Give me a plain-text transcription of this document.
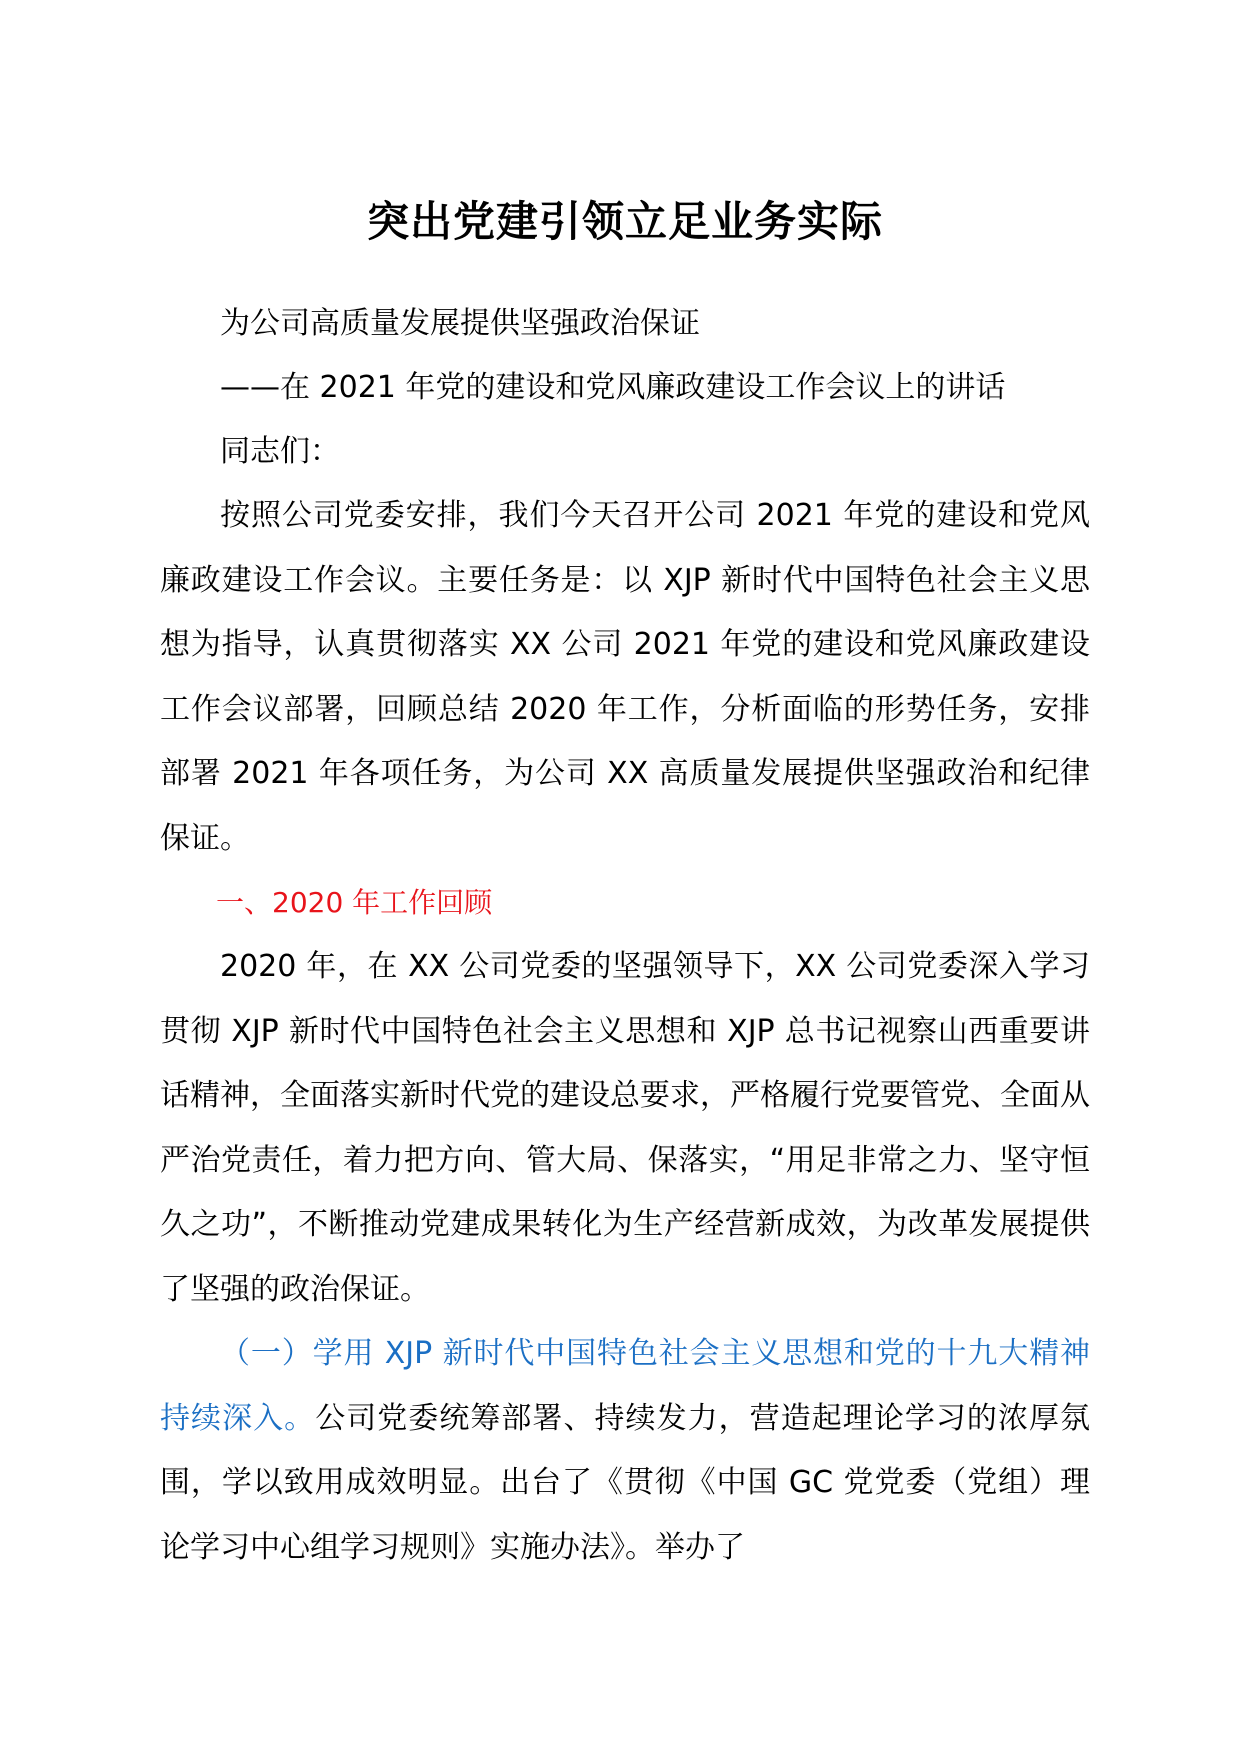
突出党建引领立足业务实际

为公司高质量发展提供坚强政治保证

——在 2021 年党的建设和党风廉政建设工作会议上的讲话

同志们：

按照公司党委安排，我们今天召开公司 2021 年党的建设和党风廉政建设工作会议。主要任务是：以 XJP 新时代中国特色社会主义思想为指导，认真贯彻落实 XX 公司 2021 年党的建设和党风廉政建设工作会议部署，回顾总结 2020 年工作，分析面临的形势任务，安排部署 2021 年各项任务，为公司 XX 高质量发展提供坚强政治和纪律保证。

一、2020 年工作回顾

2020 年，在 XX 公司党委的坚强领导下，XX 公司党委深入学习贯彻 XJP 新时代中国特色社会主义思想和 XJP 总书记视察山西重要讲话精神，全面落实新时代党的建设总要求，严格履行党要管党、全面从严治党责任，着力把方向、管大局、保落实，“用足非常之力、坚守恒久之功”，不断推动党建成果转化为生产经营新成效，为改革发展提供了坚强的政治保证。

（一）学用 XJP 新时代中国特色社会主义思想和党的十九大精神持续深入。公司党委统筹部署、持续发力，营造起理论学习的浓厚氛围，学以致用成效明显。出台了《贯彻《中国 GC 党党委（党组）理论学习中心组学习规则》实施办法》。举办了
